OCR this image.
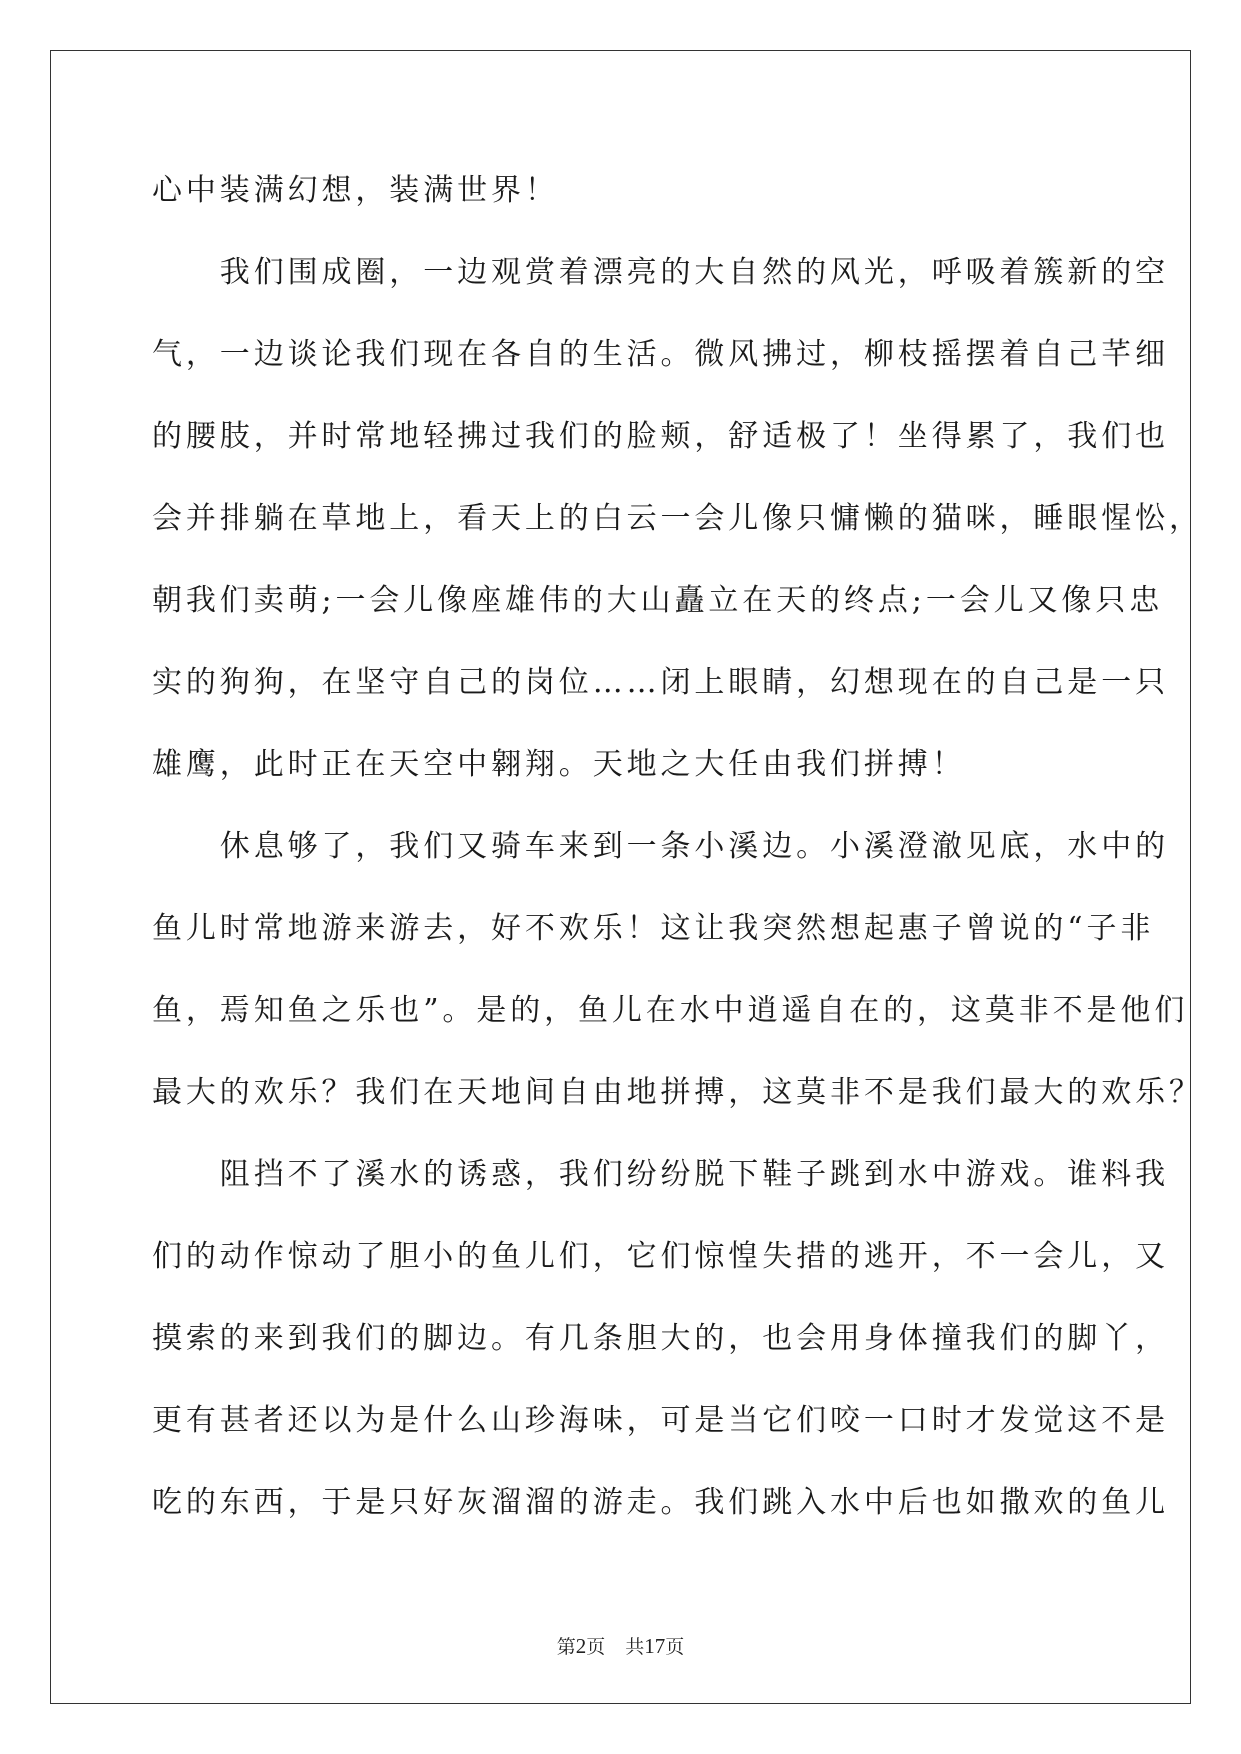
心中装满幻想，装满世界！
　　我们围成圈，一边观赏着漂亮的大自然的风光，呼吸着簇新的空
气，一边谈论我们现在各自的生活。微风拂过，柳枝摇摆着自己芊细
的腰肢，并时常地轻拂过我们的脸颊，舒适极了！坐得累了，我们也
会并排躺在草地上，看天上的白云一会儿像只慵懒的猫咪，睡眼惺忪，
朝我们卖萌;一会儿像座雄伟的大山矗立在天的终点;一会儿又像只忠
实的狗狗，在坚守自己的岗位……闭上眼睛，幻想现在的自己是一只
雄鹰，此时正在天空中翱翔。天地之大任由我们拼搏！
　　休息够了，我们又骑车来到一条小溪边。小溪澄澈见底，水中的
鱼儿时常地游来游去，好不欢乐！这让我突然想起惠子曾说的“子非
鱼，焉知鱼之乐也”。是的，鱼儿在水中逍遥自在的，这莫非不是他们
最大的欢乐？我们在天地间自由地拼搏，这莫非不是我们最大的欢乐？
　　阻挡不了溪水的诱惑，我们纷纷脱下鞋子跳到水中游戏。谁料我
们的动作惊动了胆小的鱼儿们，它们惊惶失措的逃开，不一会儿，又
摸索的来到我们的脚边。有几条胆大的，也会用身体撞我们的脚丫，
更有甚者还以为是什么山珍海味，可是当它们咬一口时才发觉这不是
吃的东西，于是只好灰溜溜的游走。我们跳入水中后也如撒欢的鱼儿
第2页 共17页
